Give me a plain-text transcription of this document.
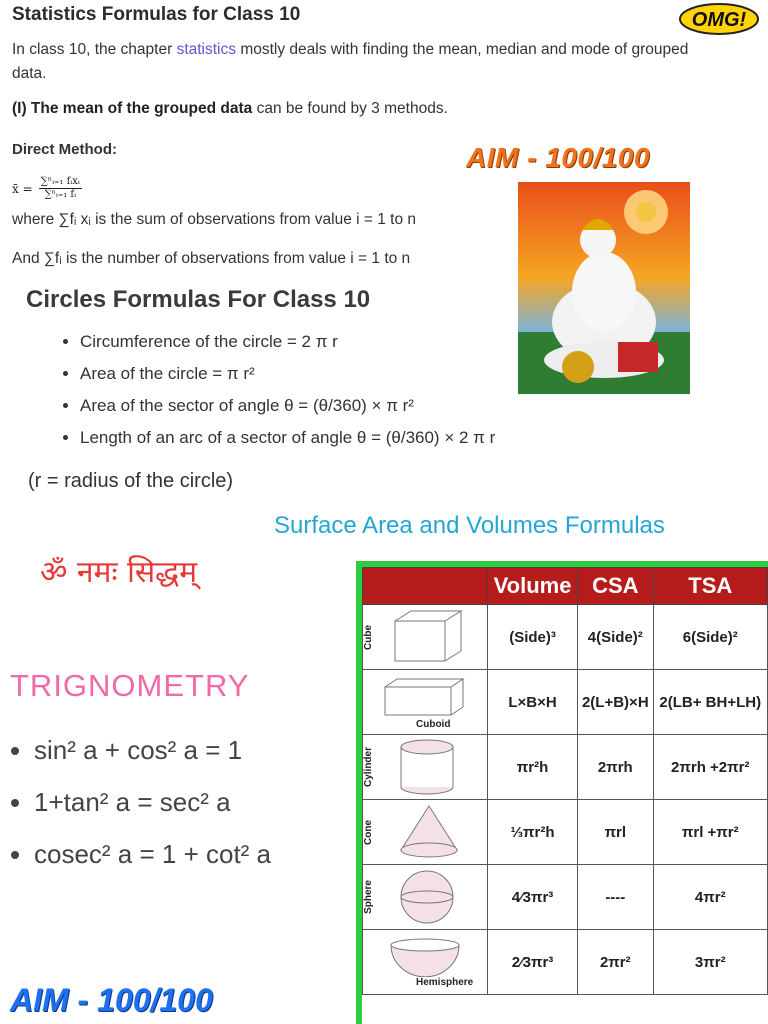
Statistics Formulas for Class 10
In class 10, the chapter statistics mostly deals with finding the mean, median and mode of grouped data.
(I) The mean of the grouped data can be found by 3 methods.
Direct Method:
x̄ = $\frac{\text{∑ⁿᵢ₌₁ fᵢxᵢ}}{\text{∑ⁿᵢ₌₁ fᵢ}}$
where ∑fᵢ xᵢ is the sum of observations from value i = 1 to n
And ∑fᵢ is the number of observations from value i = 1 to n
AIM - 100/100
OMG!
Circles Formulas For Class 10
• Circumference of the circle = 2 π r
• Area of the circle = π r²
• Area of the sector of angle θ = (θ/360) × π r²
• Length of an arc of a sector of angle θ = (θ/360) × 2 π r
(r = radius of the circle)
Surface Area and Volumes Formulas
ॐ नमः सिद्धम्
TRIGNOMETRY
• sin² a + cos² a = 1
• 1+tan² a = sec² a
• cosec² a = 1 + cot² a
AIM - 100/100
	Volume	CSA	TSA

Cube	(Side)³	4(Side)²	6(Side)²

Cuboid	L×B×H	2(L+B)×H	2(LB+ BH+LH)

Cylinder	πr²h	2πrh	2πrh +2πr²

Cone	⅓πr²h	πrl	πrl +πr²

Sphere	4⁄3πr³	----	4πr²

Hemisphere	2⁄3πr³	2πr²	3πr²
